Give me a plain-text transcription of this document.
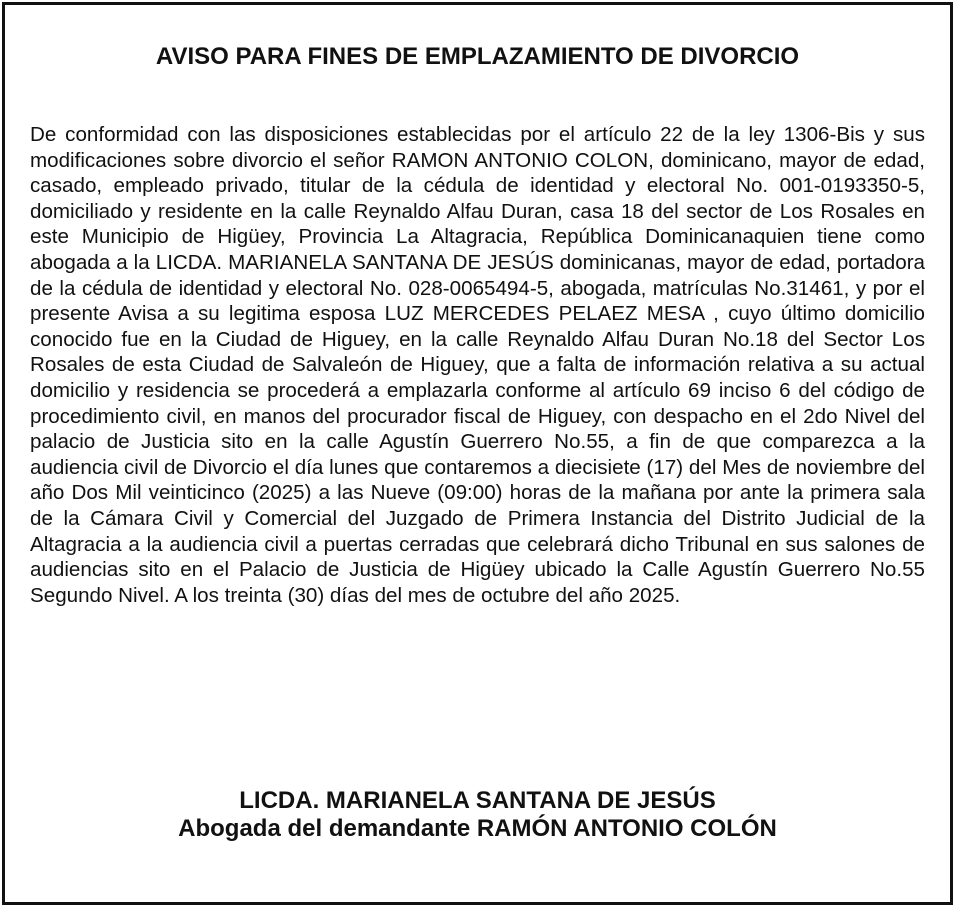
AVISO PARA FINES DE EMPLAZAMIENTO DE DIVORCIO

De conformidad con las disposiciones establecidas por el artículo 22 de la ley 1306-Bis y sus modificaciones sobre divorcio el señor RAMON ANTONIO COLON, dominicano, mayor de edad, casado, empleado privado, titular de la cédula de identidad y electoral No. 001-0193350-5, domiciliado y residente en la calle Reynaldo Alfau Duran, casa 18 del sector de Los Rosales en este Municipio de Higüey, Provincia La Altagracia, República Dominicanaquien tiene como abogada a la LICDA. MARIANELA SANTANA DE JESÚS dominicanas, mayor de edad, portadora de la cédula de identidad y electoral No. 028-0065494-5, abogada, matrículas No.31461, y por el presente Avisa a su legitima esposa LUZ MERCEDES PELAEZ MESA , cuyo último domicilio conocido fue en la Ciudad de Higuey, en la calle Reynaldo Alfau Duran No.18 del Sector Los Rosales de esta Ciudad de Salvaleón de Higuey, que a falta de información relativa a su actual domicilio y residencia se procederá a emplazarla conforme al artículo 69 inciso 6 del código de procedimiento civil, en manos del procurador fiscal de Higuey, con despacho en el 2do Nivel del palacio de Justicia sito en la calle Agustín Guerrero No.55, a fin de que comparezca a la audiencia civil de Divorcio el día lunes que contaremos a diecisiete (17) del Mes de noviembre del año Dos Mil veinticinco (2025) a las Nueve (09:00) horas de la mañana por ante la primera sala de la Cámara Civil y Comercial del Juzgado de Primera Instancia del Distrito Judicial de la Altagracia a la audiencia civil a puertas cerradas que celebrará dicho Tribunal en sus salones de audiencias sito en el Palacio de Justicia de Higüey ubicado la Calle Agustín Guerrero No.55 Segundo Nivel. A los treinta (30) días del mes de octubre del año 2025.

LICDA. MARIANELA SANTANA DE JESÚS
Abogada del demandante RAMÓN ANTONIO COLÓN
